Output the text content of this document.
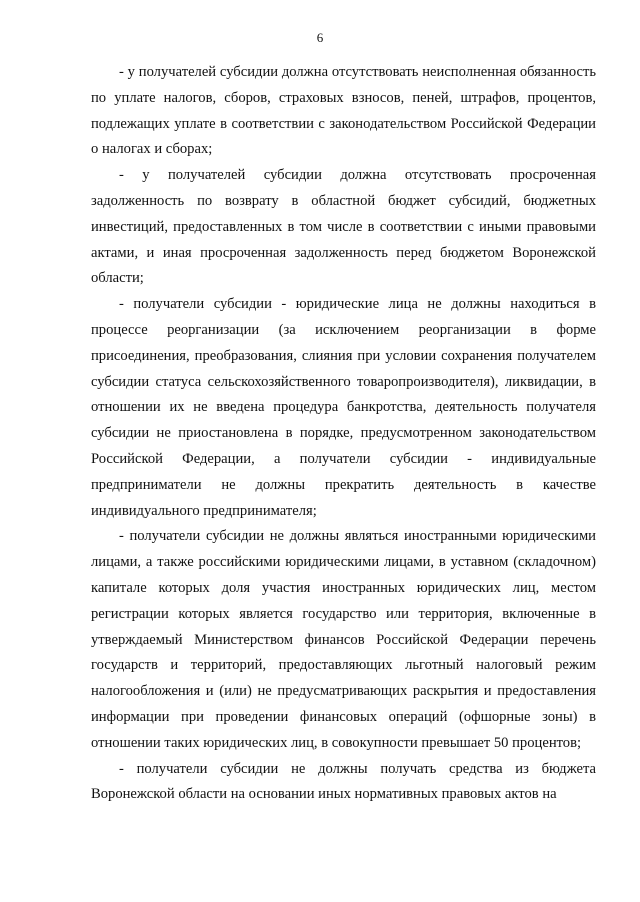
6

- у получателей субсидии должна отсутствовать неисполненная обязанность по уплате налогов, сборов, страховых взносов, пеней, штрафов, процентов, подлежащих уплате в соответствии с законодательством Российской Федерации о налогах и сборах;

- у получателей субсидии должна отсутствовать просроченная задолженность по возврату в областной бюджет субсидий, бюджетных инвестиций, предоставленных в том числе в соответствии с иными правовыми актами, и иная просроченная задолженность перед бюджетом Воронежской области;

- получатели субсидии - юридические лица не должны находиться в процессе реорганизации (за исключением реорганизации в форме присоединения, преобразования, слияния при условии сохранения получателем субсидии статуса сельскохозяйственного товаропроизводителя), ликвидации, в отношении их не введена процедура банкротства, деятельность получателя субсидии не приостановлена в порядке, предусмотренном законодательством Российской Федерации, а получатели субсидии - индивидуальные предприниматели не должны прекратить деятельность в качестве индивидуального предпринимателя;

- получатели субсидии не должны являться иностранными юридическими лицами, а также российскими юридическими лицами, в уставном (складочном) капитале которых доля участия иностранных юридических лиц, местом регистрации которых является государство или территория, включенные в утверждаемый Министерством финансов Российской Федерации перечень государств и территорий, предоставляющих льготный налоговый режим налогообложения и (или) не предусматривающих раскрытия и предоставления информации при проведении финансовых операций (офшорные зоны) в отношении таких юридических лиц, в совокупности превышает 50 процентов;

- получатели субсидии не должны получать средства из бюджета Воронежской области на основании иных нормативных правовых актов на
